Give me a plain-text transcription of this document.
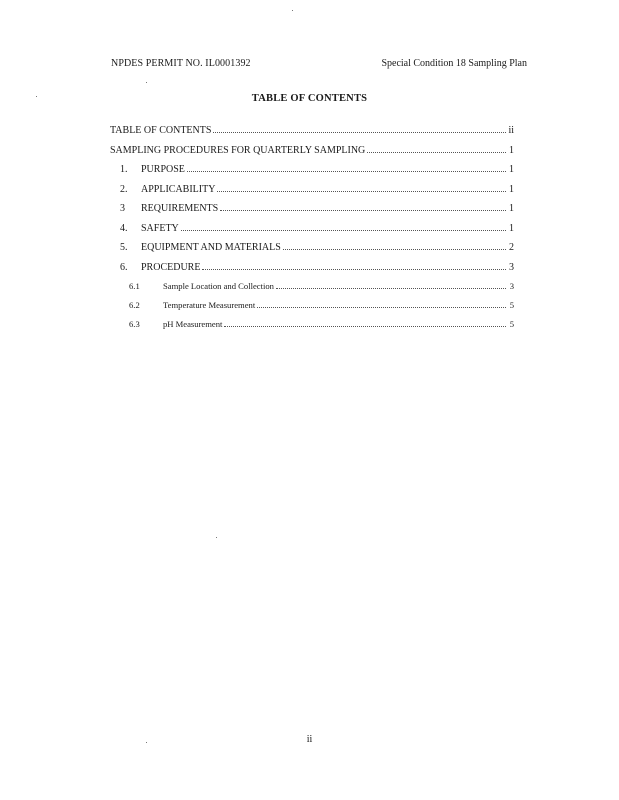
NPDES PERMIT NO. IL0001392	Special Condition 18 Sampling Plan
TABLE OF CONTENTS
TABLE OF CONTENTS	ii
SAMPLING PROCEDURES FOR QUARTERLY SAMPLING	1
1.	PURPOSE	1
2.	APPLICABILITY	1
3	REQUIREMENTS	1
4.	SAFETY	1
5.	EQUIPMENT AND MATERIALS	2
6.	PROCEDURE	3
6.1	Sample Location and Collection	3
6.2	Temperature Measurement	5
6.3	pH Measurement	5
ii
